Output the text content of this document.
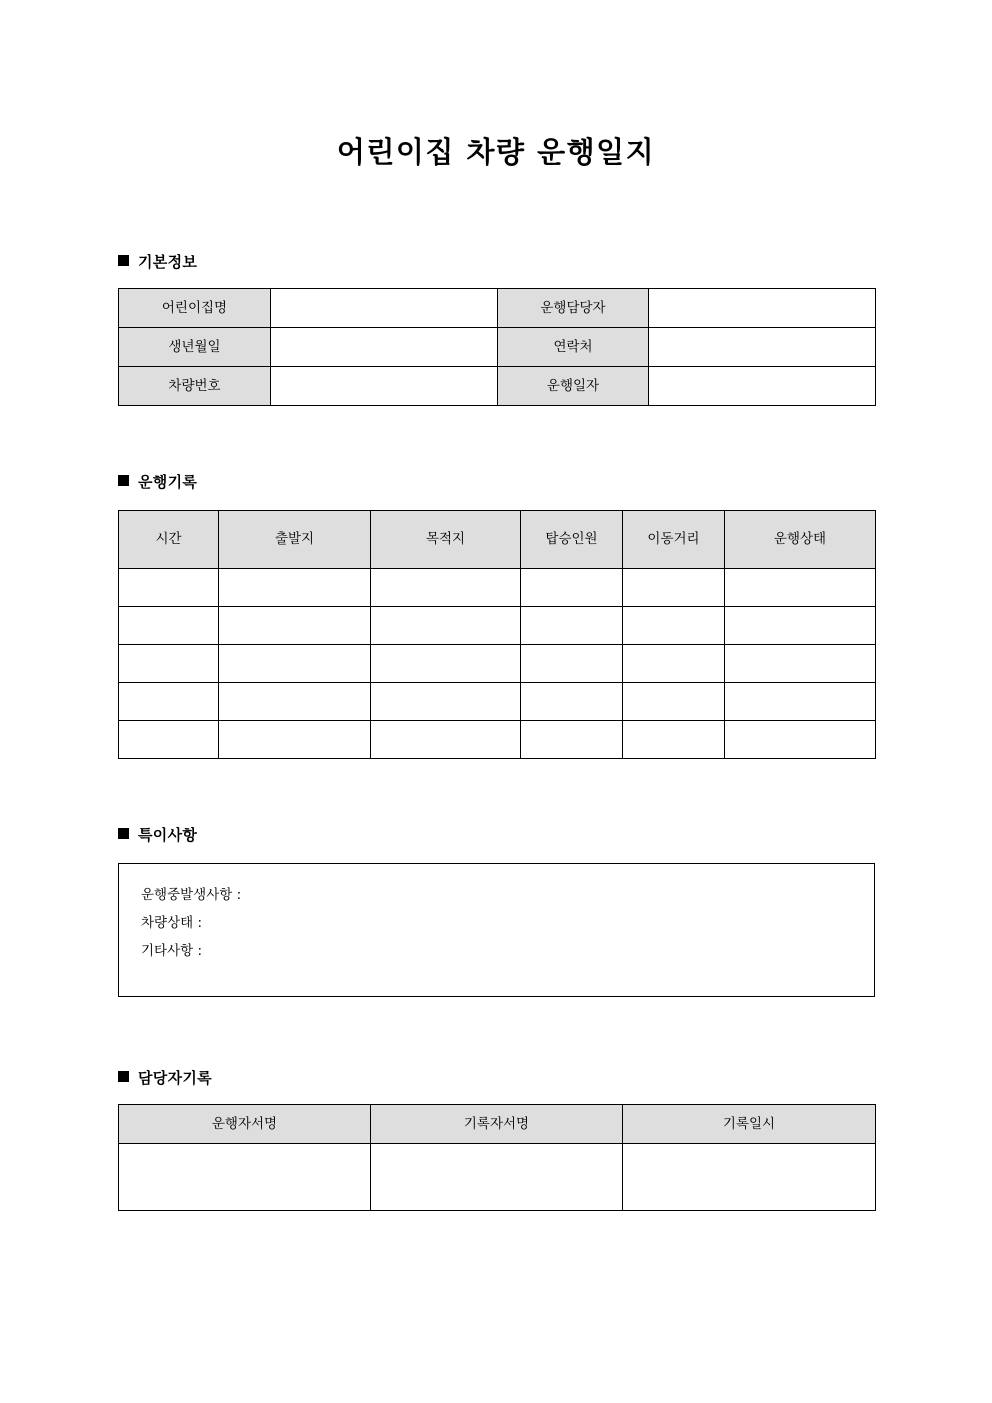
어린이집 차량 운행일지
기본정보
어린이집명		운행담당자	
생년월일		연락처	
차량번호		운행일자	
운행기록
시간	출발지	목적지	탑승인원	이동거리	운행상태

특이사항
운행중발생사항 :
차량상태 :
기타사항 :
담당자기록
운행자서명	기록자서명	기록일시
